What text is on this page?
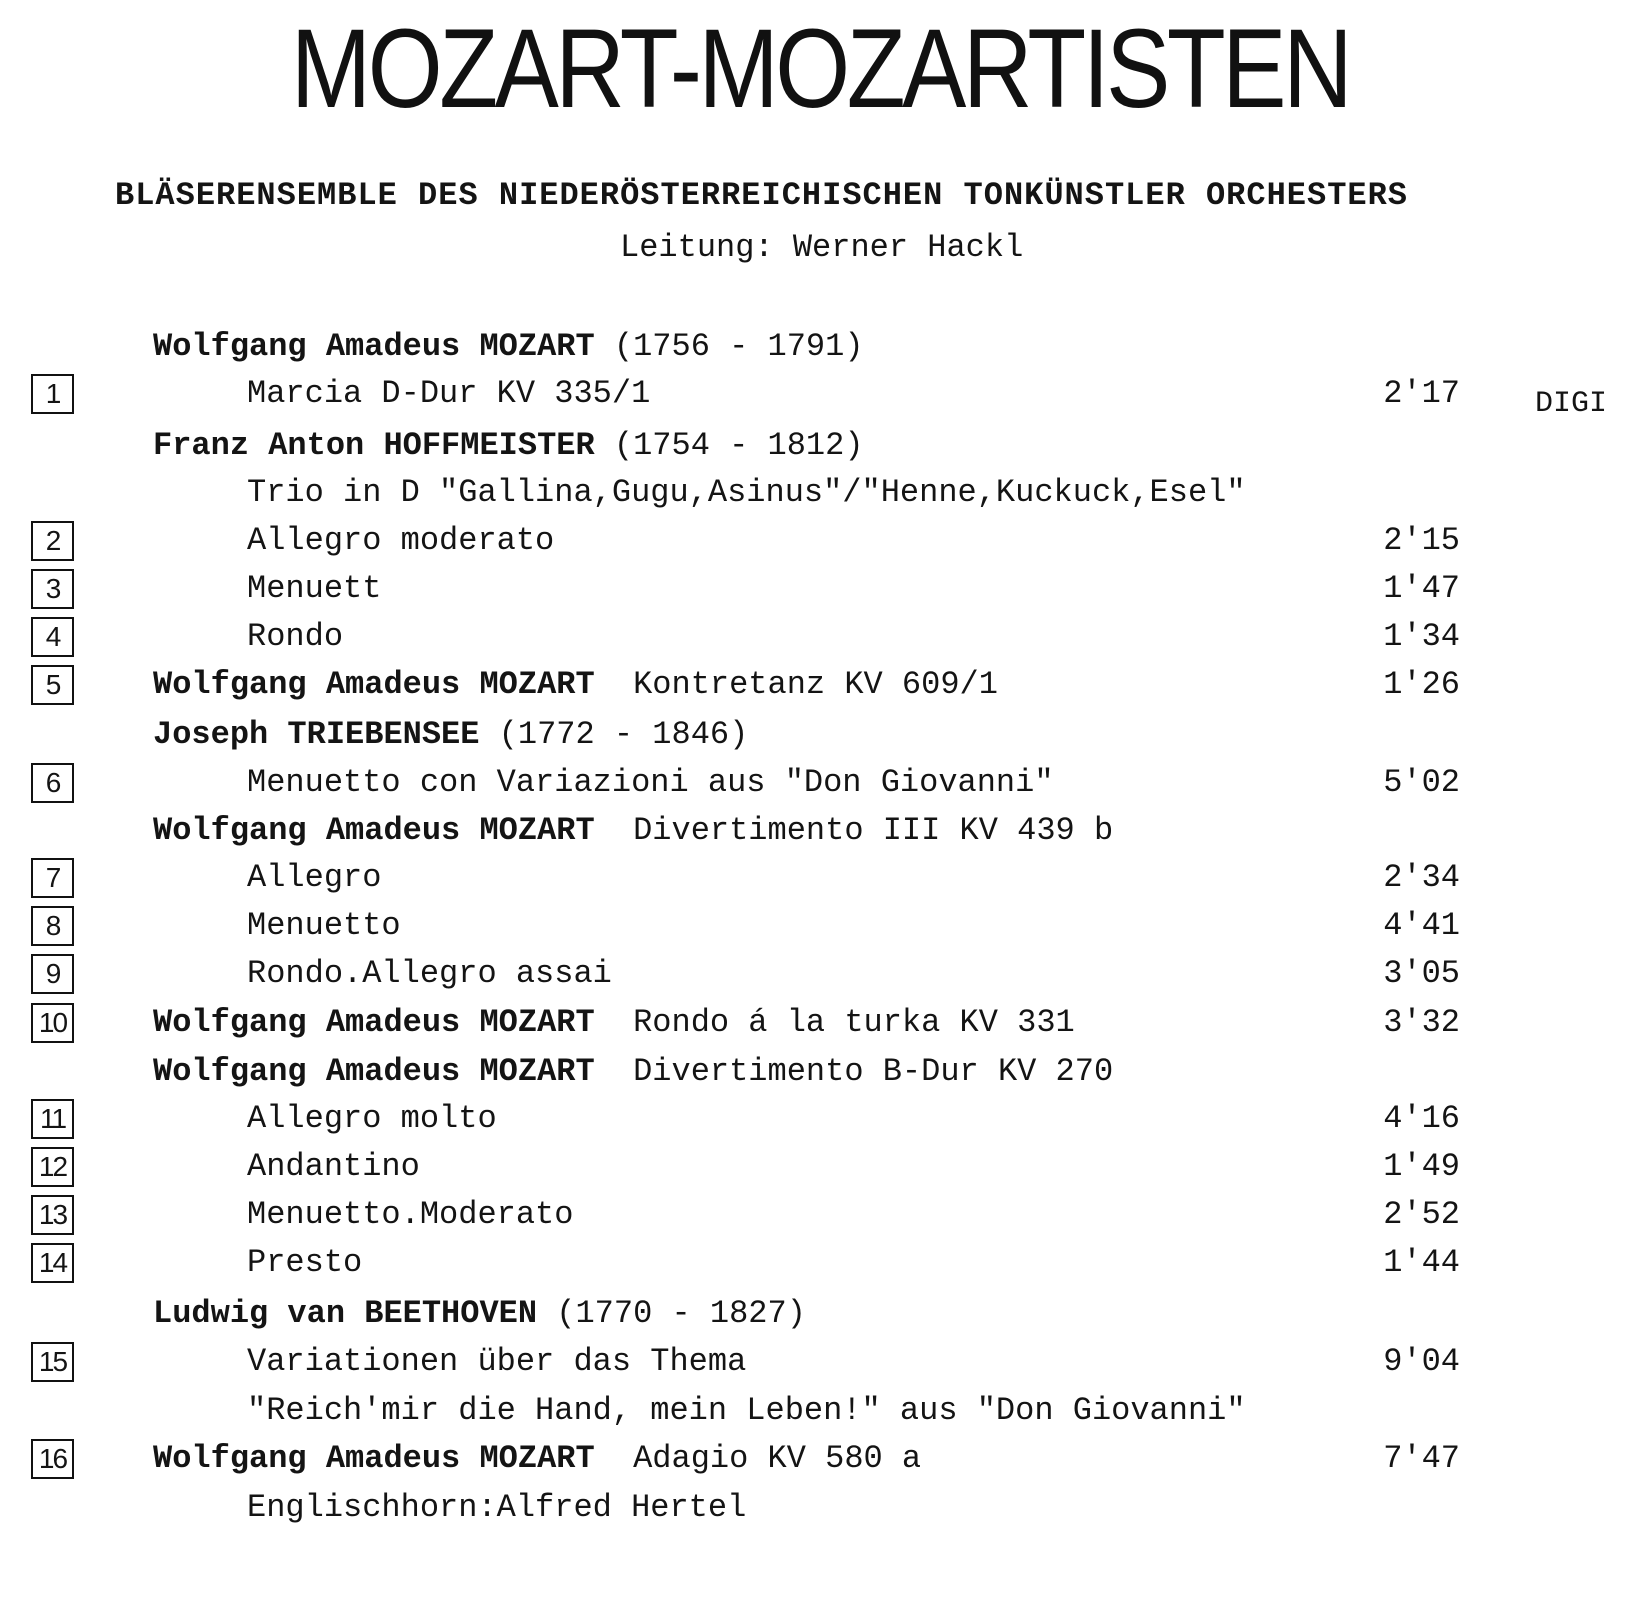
MOZART-MOZARTISTEN
BLÄSERENSEMBLE DES NIEDERÖSTERREICHISCHEN TONKÜNSTLER ORCHESTERS
Leitung: Werner Hackl
DIGI
Wolfgang Amadeus MOZART (1756 - 1791)
1	Marcia D-Dur KV 335/1	2'17
Franz Anton HOFFMEISTER (1754 - 1812)
Trio in D "Gallina,Gugu,Asinus"/"Henne,Kuckuck,Esel"
2	Allegro moderato	2'15
3	Menuett	1'47
4	Rondo	1'34
5	Wolfgang Amadeus MOZART  Kontretanz KV 609/1	1'26
Joseph TRIEBENSEE (1772 - 1846)
6	Menuetto con Variazioni aus "Don Giovanni"	5'02
Wolfgang Amadeus MOZART  Divertimento III KV 439 b
7	Allegro	2'34
8	Menuetto	4'41
9	Rondo.Allegro assai	3'05
10	Wolfgang Amadeus MOZART  Rondo á la turka KV 331	3'32
Wolfgang Amadeus MOZART  Divertimento B-Dur KV 270
11	Allegro molto	4'16
12	Andantino	1'49
13	Menuetto.Moderato	2'52
14	Presto	1'44
Ludwig van BEETHOVEN (1770 - 1827)
15	Variationen über das Thema	9'04
"Reich'mir die Hand, mein Leben!" aus "Don Giovanni"
16	Wolfgang Amadeus MOZART  Adagio KV 580 a	7'47
Englischhorn:Alfred Hertel
